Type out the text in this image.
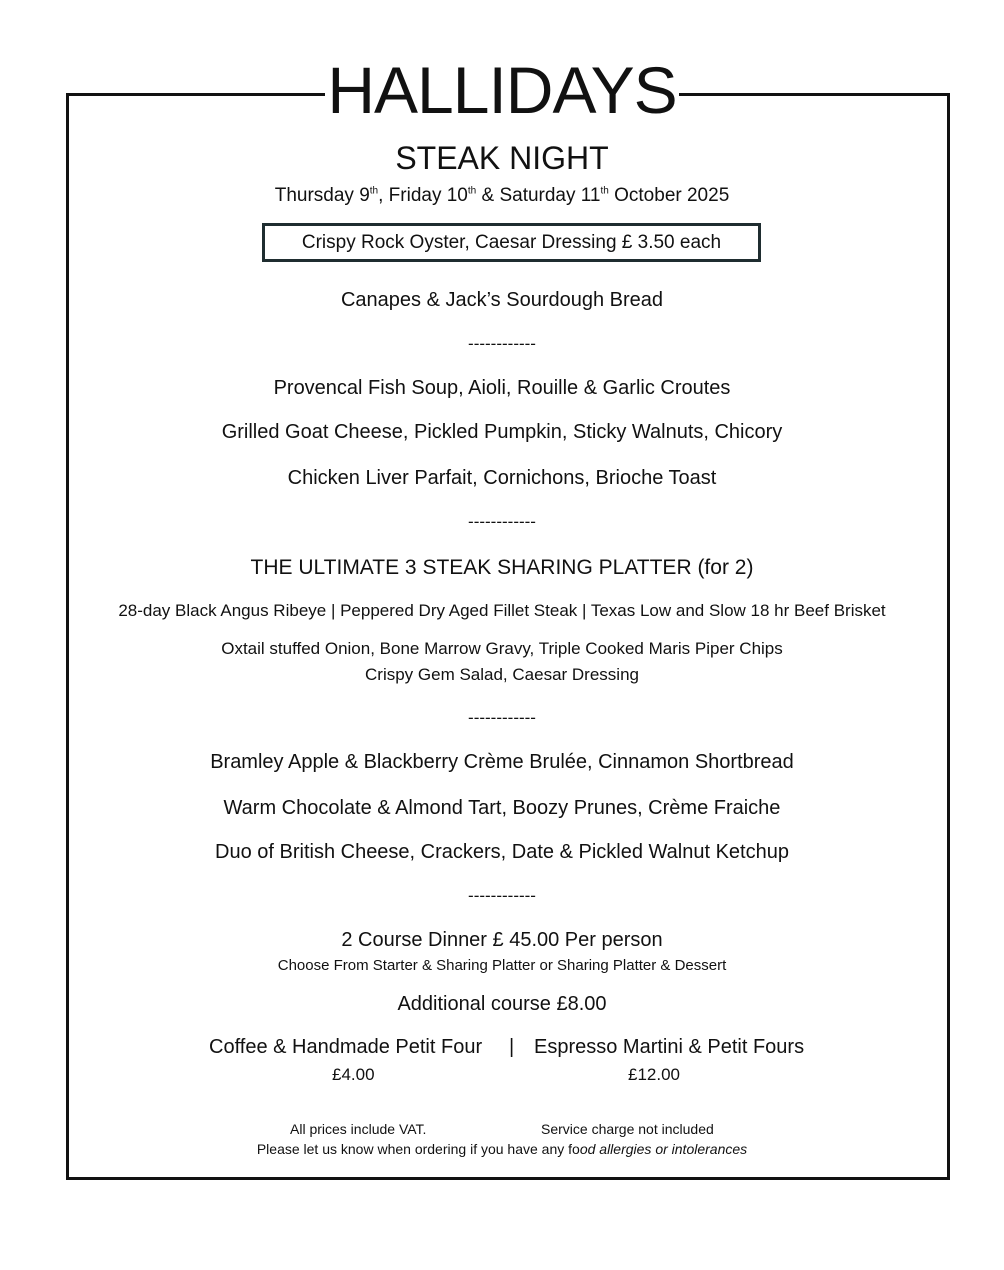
HALLIDAYS
STEAK NIGHT
Thursday 9th, Friday 10th & Saturday 11th October 2025
Crispy Rock Oyster, Caesar Dressing £ 3.50 each
Canapes & Jack’s Sourdough Bread
------------
Provencal Fish Soup, Aioli, Rouille & Garlic Croutes
Grilled Goat Cheese, Pickled Pumpkin, Sticky Walnuts, Chicory
Chicken Liver Parfait, Cornichons, Brioche Toast
------------
THE ULTIMATE 3 STEAK SHARING PLATTER (for 2)
28-day Black Angus Ribeye | Peppered Dry Aged Fillet Steak | Texas Low and Slow 18 hr Beef Brisket
Oxtail stuffed Onion, Bone Marrow Gravy, Triple Cooked Maris Piper Chips
Crispy Gem Salad, Caesar Dressing
------------
Bramley Apple & Blackberry Crème Brulée, Cinnamon Shortbread
Warm Chocolate & Almond Tart, Boozy Prunes, Crème Fraiche
Duo of British Cheese, Crackers, Date & Pickled Walnut Ketchup
------------
2 Course Dinner £ 45.00 Per person
Choose From Starter & Sharing Platter or Sharing Platter & Dessert
Additional course £8.00
Coffee & Handmade Petit Four | Espresso Martini & Petit Fours
£4.00	£12.00
All prices include VAT.	Service charge not included
Please let us know when ordering if you have any food allergies or intolerances
